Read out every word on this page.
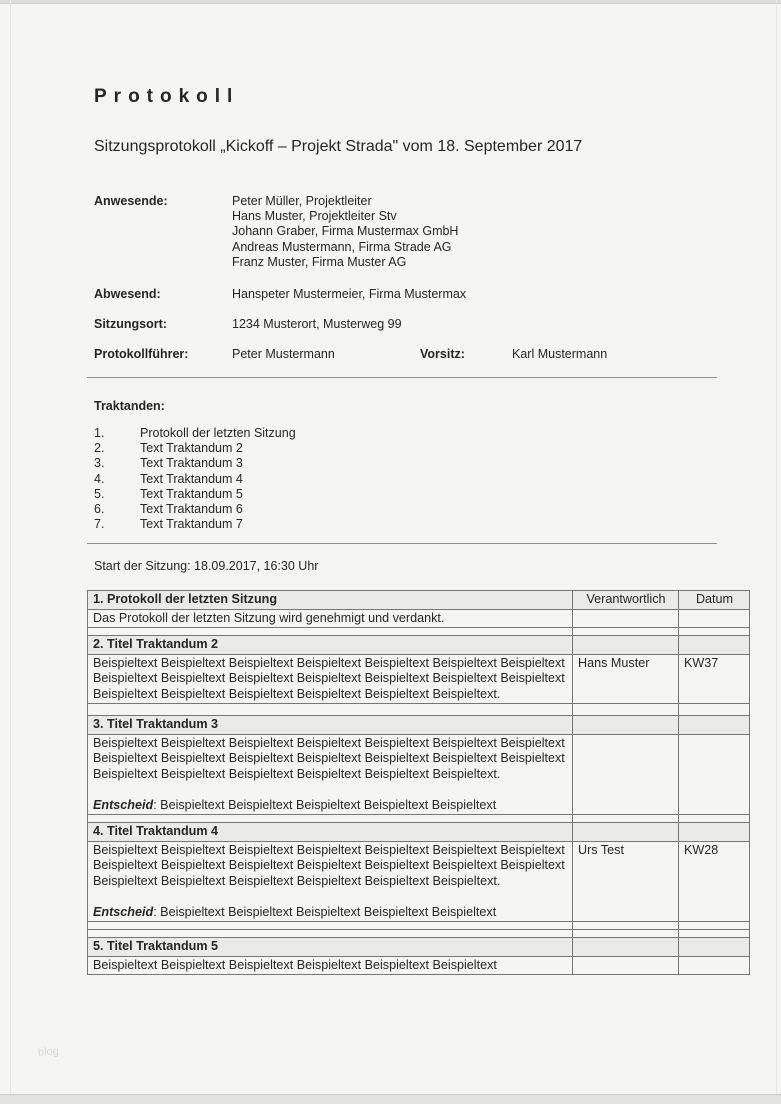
Protokoll
Sitzungsprotokoll „Kickoff – Projekt Strada" vom 18. September 2017
Anwesende:	Peter Müller, Projektleiter
Hans Muster, Projektleiter Stv
Johann Graber, Firma Mustermax GmbH
Andreas Mustermann, Firma Strade AG
Franz Muster, Firma Muster AG
Abwesend:	Hanspeter Mustermeier, Firma Mustermax
Sitzungsort:	1234 Musterort, Musterweg 99
Protokollführer:	Peter Mustermann	Vorsitz:	Karl Mustermann
Traktanden:
1.	Protokoll der letzten Sitzung
2.	Text Traktandum 2
3.	Text Traktandum 3
4.	Text Traktandum 4
5.	Text Traktandum 5
6.	Text Traktandum 6
7.	Text Traktandum 7
Start der Sitzung: 18.09.2017, 16:30 Uhr
1. Protokoll der letzten Sitzung	Verantwortlich	Datum
Das Protokoll der letzten Sitzung wird genehmigt und verdankt.		

2. Titel Traktandum 2		
Beispieltext Beispieltext Beispieltext Beispieltext Beispieltext Beispieltext Beispieltext Beispieltext Beispieltext Beispieltext Beispieltext Beispieltext Beispieltext Beispieltext Beispieltext Beispieltext Beispieltext Beispieltext Beispieltext Beispieltext.	Hans Muster	KW37

3. Titel Traktandum 3		

Beispieltext Beispieltext Beispieltext Beispieltext Beispieltext Beispieltext Beispieltext Beispieltext Beispieltext Beispieltext Beispieltext Beispieltext Beispieltext Beispieltext Beispieltext Beispieltext Beispieltext Beispieltext Beispieltext Beispieltext.
Entscheid: Beispieltext Beispieltext Beispieltext Beispieltext Beispieltext		

4. Titel Traktandum 4		

Beispieltext Beispieltext Beispieltext Beispieltext Beispieltext Beispieltext Beispieltext Beispieltext Beispieltext Beispieltext Beispieltext Beispieltext Beispieltext Beispieltext Beispieltext Beispieltext Beispieltext Beispieltext Beispieltext Beispieltext.
Entscheid: Beispieltext Beispieltext Beispieltext Beispieltext Beispieltext	Urs Test	KW28

5. Titel Traktandum 5		
Beispieltext Beispieltext Beispieltext Beispieltext Beispieltext Beispieltext		
blog
